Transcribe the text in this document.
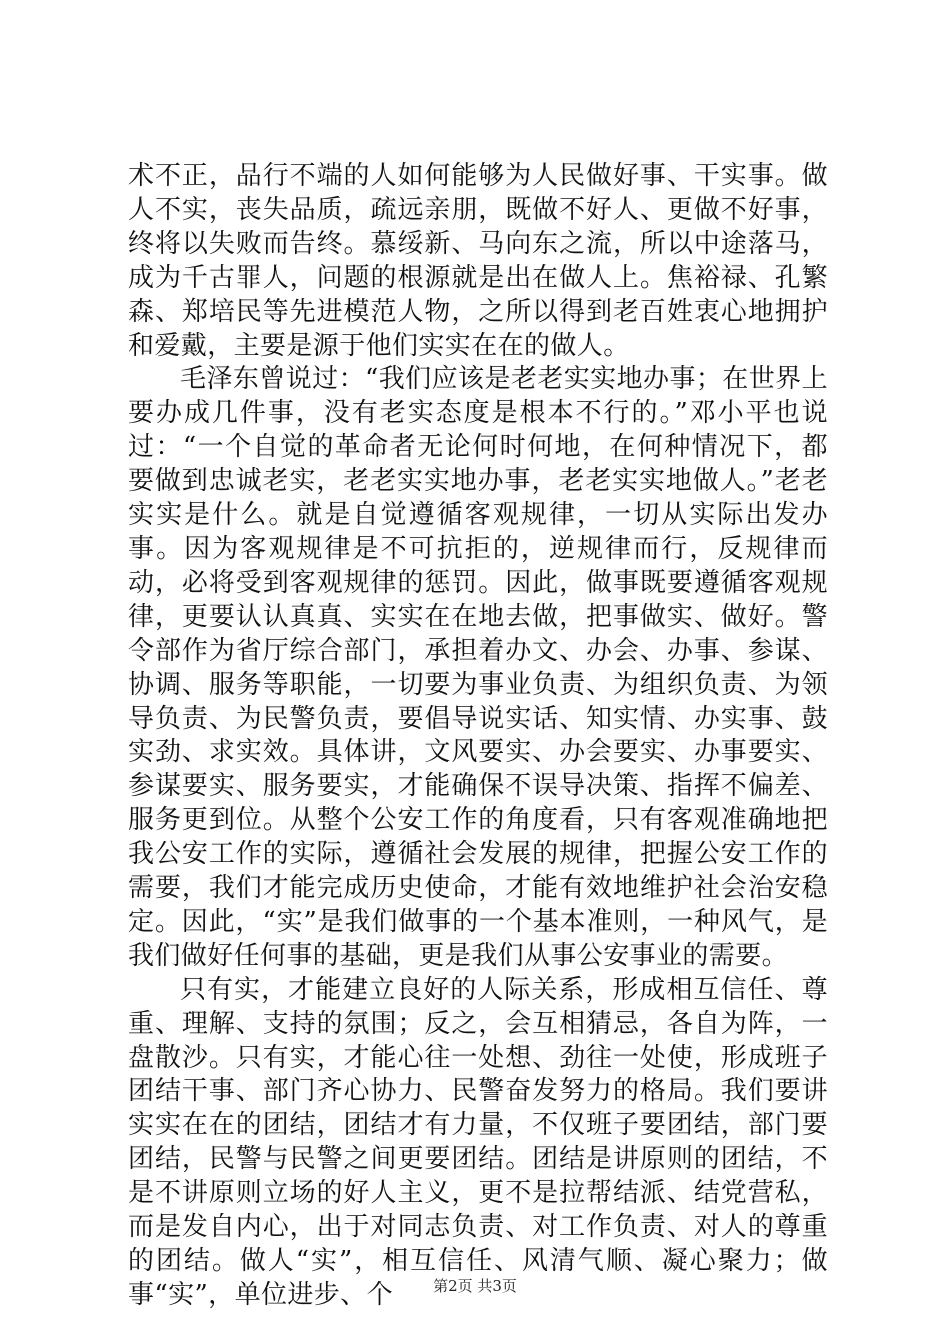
术不正，品行不端的人如何能够为人民做好事、干实事。做人不实，丧失品质，疏远亲朋，既做不好人、更做不好事，终将以失败而告终。慕绥新、马向东之流，所以中途落马，成为千古罪人，问题的根源就是出在做人上。焦裕禄、孔繁森、郑培民等先进模范人物，之所以得到老百姓衷心地拥护和爱戴，主要是源于他们实实在在的做人。

毛泽东曾说过：“我们应该是老老实实地办事；在世界上要办成几件事，没有老实态度是根本不行的。”邓小平也说过：“一个自觉的革命者无论何时何地，在何种情况下，都要做到忠诚老实，老老实实地办事，老老实实地做人。”老老实实是什么。就是自觉遵循客观规律，一切从实际出发办事。因为客观规律是不可抗拒的，逆规律而行，反规律而动，必将受到客观规律的惩罚。因此，做事既要遵循客观规律，更要认认真真、实实在在地去做，把事做实、做好。警令部作为省厅综合部门，承担着办文、办会、办事、参谋、协调、服务等职能，一切要为事业负责、为组织负责、为领导负责、为民警负责，要倡导说实话、知实情、办实事、鼓实劲、求实效。具体讲，文风要实、办会要实、办事要实、参谋要实、服务要实，才能确保不误导决策、指挥不偏差、服务更到位。从整个公安工作的角度看，只有客观准确地把我公安工作的实际，遵循社会发展的规律，把握公安工作的需要，我们才能完成历史使命，才能有效地维护社会治安稳定。因此，“实”是我们做事的一个基本准则，一种风气，是我们做好任何事的基础，更是我们从事公安事业的需要。

只有实，才能建立良好的人际关系，形成相互信任、尊重、理解、支持的氛围；反之，会互相猜忌，各自为阵，一盘散沙。只有实，才能心往一处想、劲往一处使，形成班子团结干事、部门齐心协力、民警奋发努力的格局。我们要讲实实在在的团结，团结才有力量，不仅班子要团结，部门要团结，民警与民警之间更要团结。团结是讲原则的团结，不是不讲原则立场的好人主义，更不是拉帮结派、结党营私，而是发自内心，出于对同志负责、对工作负责、对人的尊重的团结。做人“实”，相互信任、风清气顺、凝心聚力；做事“实”，单位进步、个	第2页 共3页
